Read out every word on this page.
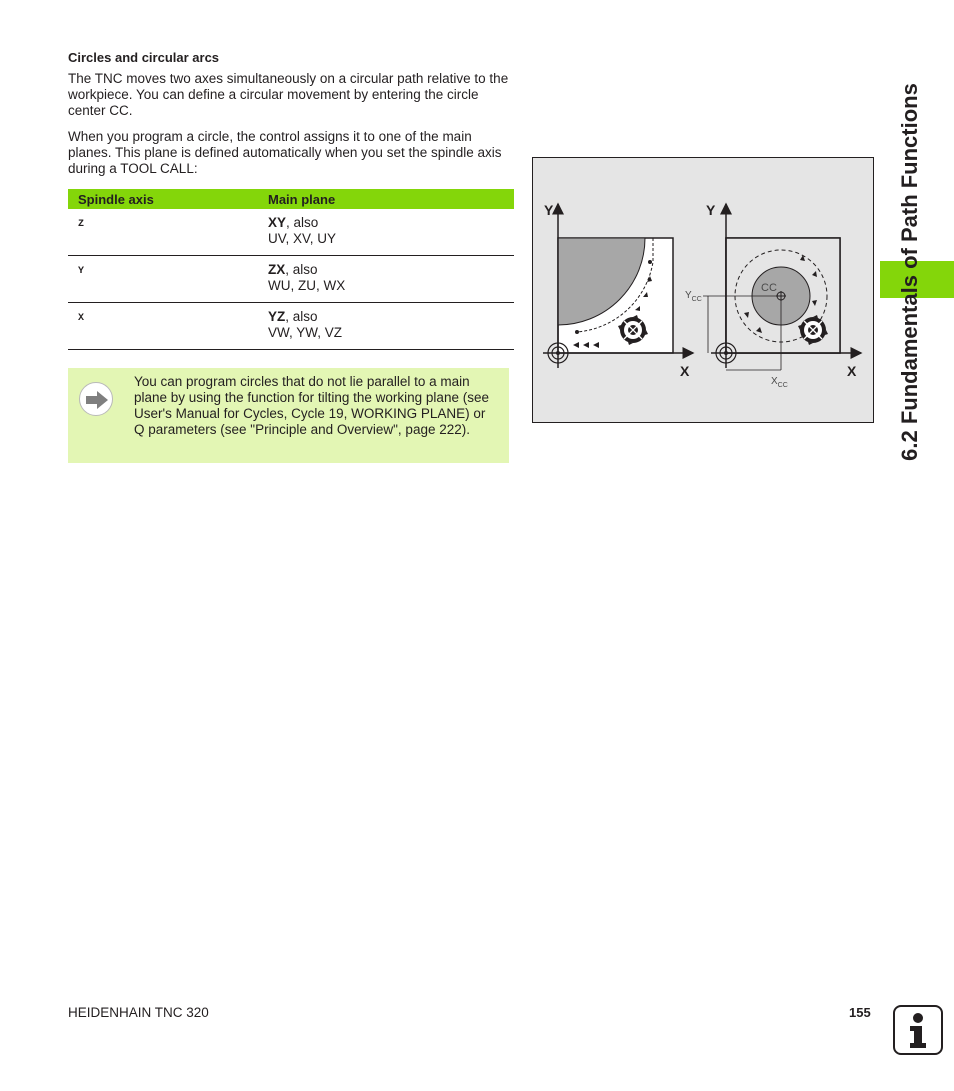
Circles and circular arcs

The TNC moves two axes simultaneously on a circular path relative to the workpiece. You can define a circular movement by entering the circle center CC.

When you program a circle, the control assigns it to one of the main planes. This plane is defined automatically when you set the spindle axis during a TOOL CALL:

Spindle axis	Main plane
Z	XY, also
UV, XV, UY
Y	ZX, also
WU, ZU, WX
X	YZ, also
VW, YW, VZ

You can program circles that do not lie parallel to a main plane by using the function for tilting the working plane (see User's Manual for Cycles, Cycle 19, WORKING PLANE) or Q parameters (see "Principle and Overview", page 222).

Y
X
Y
X
CC
$Y_{CC}$
$X_{CC}$	6.2 Fundamentals of Path Functions
HEIDENHAIN TNC 320	155
